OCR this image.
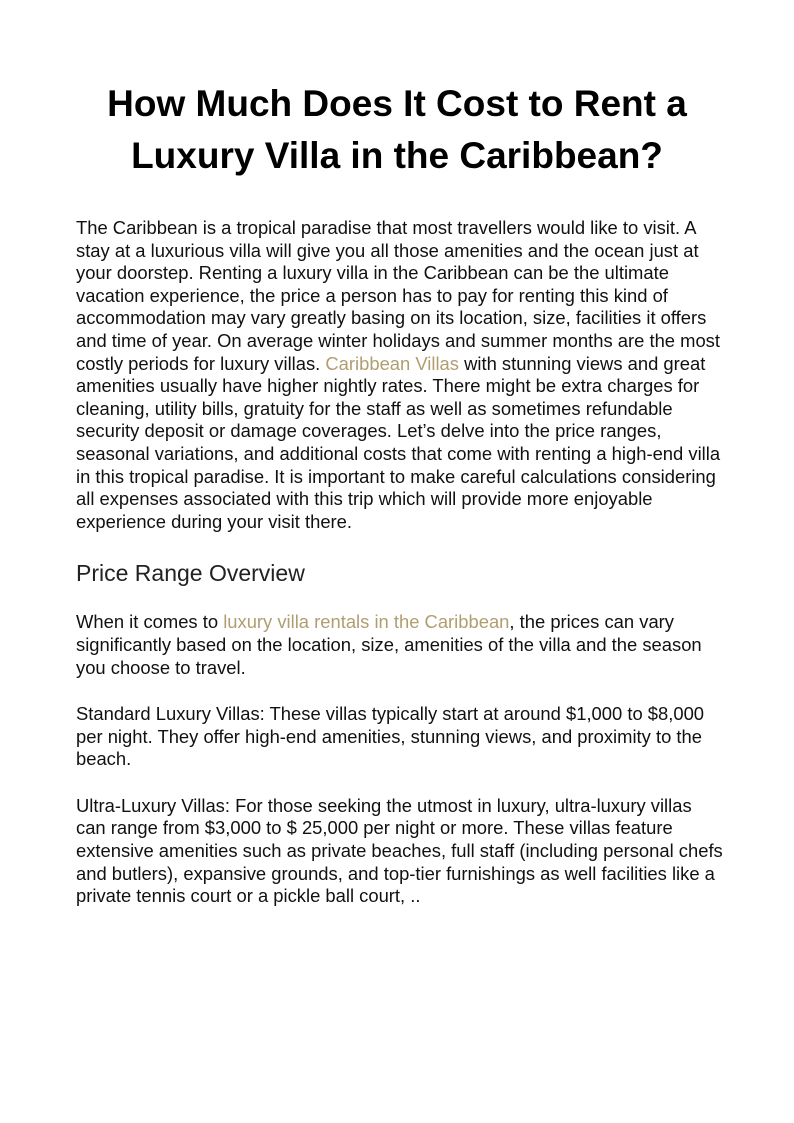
How Much Does It Cost to Rent a
Luxury Villa in the Caribbean?

The Caribbean is a tropical paradise that most travellers would like to visit. A stay at a luxurious villa will give you all those amenities and the ocean just at your doorstep. Renting a luxury villa in the Caribbean can be the ultimate vacation experience, the price a person has to pay for renting this kind of accommodation may vary greatly basing on its location, size, facilities it offers and time of year. On average winter holidays and summer months are the most costly periods for luxury villas. Caribbean Villas with stunning views and great amenities usually have higher nightly rates. There might be extra charges for cleaning, utility bills, gratuity for the staff as well as sometimes refundable security deposit or damage coverages. Let’s delve into the price ranges, seasonal variations, and additional costs that come with renting a high-end villa in this tropical paradise. It is important to make careful calculations considering all expenses associated with this trip which will provide more enjoyable experience during your visit there.

Price Range Overview

When it comes to luxury villa rentals in the Caribbean, the prices can vary significantly based on the location, size, amenities of the villa and the season you choose to travel.

Standard Luxury Villas: These villas typically start at around $1,000 to $8,000 per night. They offer high-end amenities, stunning views, and proximity to the beach.

Ultra-Luxury Villas: For those seeking the utmost in luxury, ultra-luxury villas can range from $3,000 to $ 25,000 per night or more. These villas feature extensive amenities such as private beaches, full staff (including personal chefs and butlers), expansive grounds, and top-tier furnishings as well facilities like a private tennis court or a pickle ball court, ..
